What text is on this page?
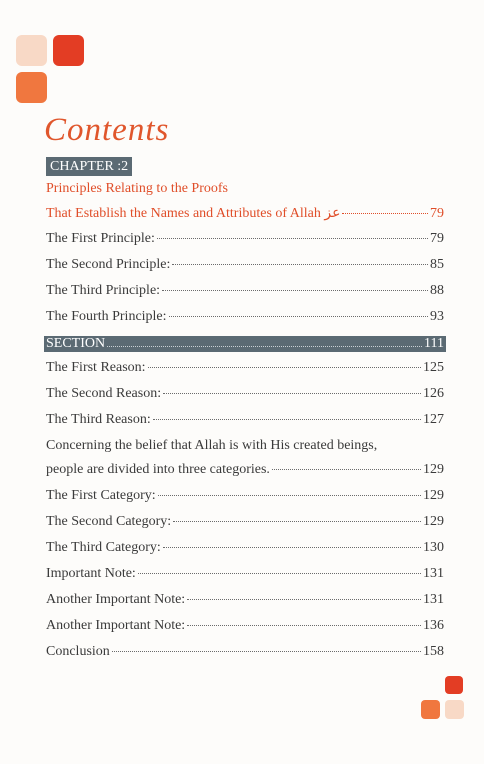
Contents
CHAPTER :2
Principles Relating to the Proofs
That Establish the Names and Attributes of Allah عز	79
The First Principle:	79
The Second Principle:	85
The Third Principle:	88
The Fourth Principle:	93
SECTION	111
The First Reason:	125
The Second Reason:	126
The Third Reason:	127
Concerning the belief that Allah is with His created beings,
people are divided into three categories.	129
The First Category:	129
The Second Category:	129
The Third Category:	130
Important Note:	131
Another Important Note:	131
Another Important Note:	136
Conclusion	158
